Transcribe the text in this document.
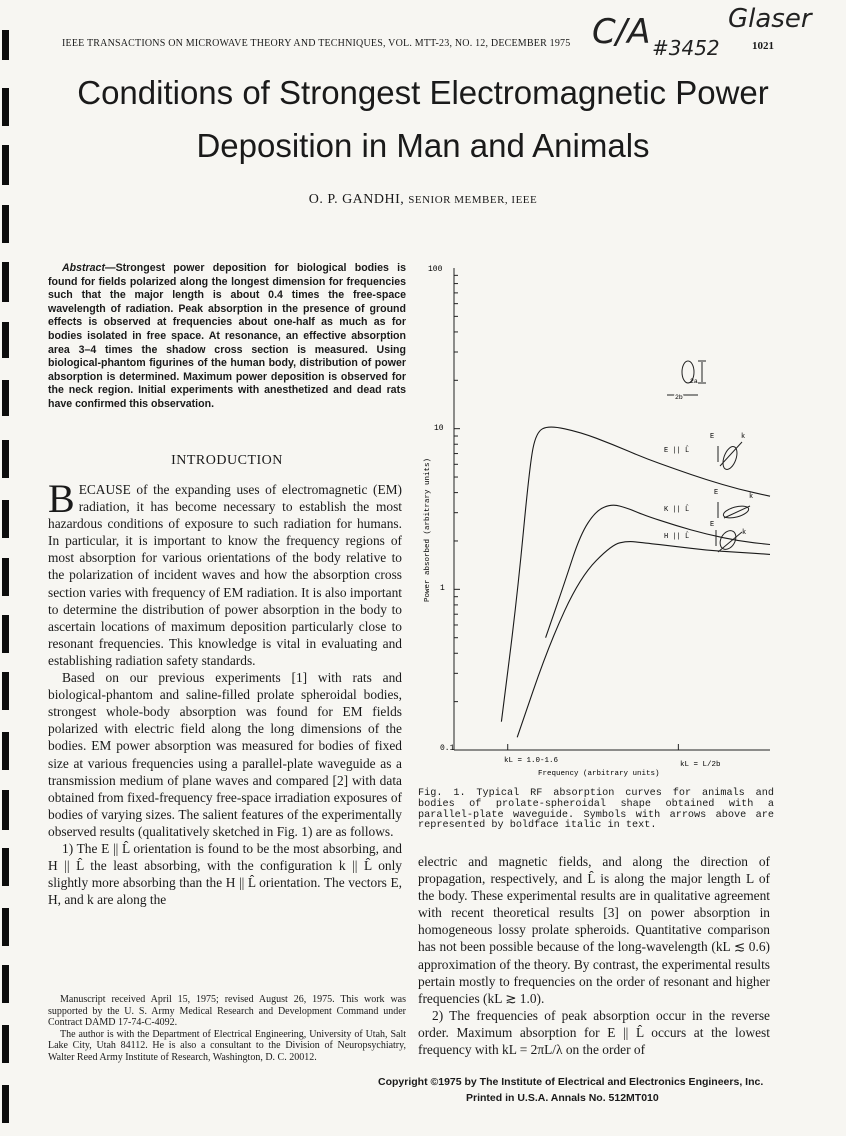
IEEE TRANSACTIONS ON MICROWAVE THEORY AND TECHNIQUES, VOL. MTT-23, NO. 12, DECEMBER 1975	1021
C/A	Glaser
#3452
Conditions of Strongest Electromagnetic Power
Deposition in Man and Animals
O. P. GANDHI, SENIOR MEMBER, IEEE
Abstract—Strongest power deposition for biological bodies is found for fields polarized along the longest dimension for frequencies such that the major length is about 0.4 times the free-space wavelength of radiation. Peak absorption in the presence of ground effects is observed at frequencies about one-half as much as for bodies isolated in free space. At resonance, an effective absorption area 3–4 times the shadow cross section is measured. Using biological-phantom figurines of the human body, distribution of power absorption is determined. Maximum power deposition is observed for the neck region. Initial experiments with anesthetized and dead rats have confirmed this observation.
INTRODUCTION

BECAUSE of the expanding uses of electromagnetic (EM) radiation, it has become necessary to establish the most hazardous conditions of exposure to such radiation for humans. In particular, it is important to know the frequency regions of most absorption for various orientations of the body relative to the polarization of incident waves and how the absorption cross section varies with frequency of EM radiation. It is also important to determine the distribution of power absorption in the body to ascertain locations of maximum deposition particularly close to resonant frequencies. This knowledge is vital in evaluating and establishing radiation safety standards.

Based on our previous experiments [1] with rats and biological-phantom and saline-filled prolate spheroidal bodies, strongest whole-body absorption was found for EM fields polarized with electric field along the long dimensions of the bodies. EM power absorption was measured for bodies of fixed size at various frequencies using a parallel-plate waveguide as a transmission medium of plane waves and compared [2] with data obtained from fixed-frequency free-space irradiation exposures of bodies of varying sizes. The salient features of the experimentally observed results (qualitatively sketched in Fig. 1) are as follows.

1) The E || L̂ orientation is found to be the most absorbing, and H || L̂ the least absorbing, with the configuration k || L̂ only slightly more absorbing than the H || L̂ orientation. The vectors E, H, and k are along the

Manuscript received April 15, 1975; revised August 26, 1975. This work was supported by the U. S. Army Medical Research and Development Command under Contract DAMD 17-74-C-4092.

The author is with the Department of Electrical Engineering, University of Utah, Salt Lake City, Utah 84112. He is also a consultant to the Division of Neuropsychiatry, Walter Reed Army Institute of Research, Washington, D. C. 20012.

100
10
1
0.1
kL = 1.0-1.6	kL = L/2b
Frequency (arbitrary units)
Power absorbed (arbitrary units)
2a
2b
E || L̂
K || L̂
H || L̂
E	k
E	k
E
k
Fig. 1. Typical RF absorption curves for animals and bodies of prolate-spheroidal shape obtained with a parallel-plate waveguide. Symbols with arrows above are represented by boldface italic in text.

electric and magnetic fields, and along the direction of propagation, respectively, and L̂ is along the major length L of the body. These experimental results are in qualitative agreement with recent theoretical results [3] on power absorption in homogeneous lossy prolate spheroids. Quantitative comparison has not been possible because of the long-wavelength (kL ≲ 0.6) approximation of the theory. By contrast, the experimental results pertain mostly to frequencies on the order of resonant and higher frequencies (kL ≳ 1.0).

2) The frequencies of peak absorption occur in the reverse order. Maximum absorption for E || L̂ occurs at the lowest frequency with kL = 2πL/λ on the order of

Copyright ©1975 by The Institute of Electrical and Electronics Engineers, Inc.
Printed in U.S.A. Annals No. 512MT010
